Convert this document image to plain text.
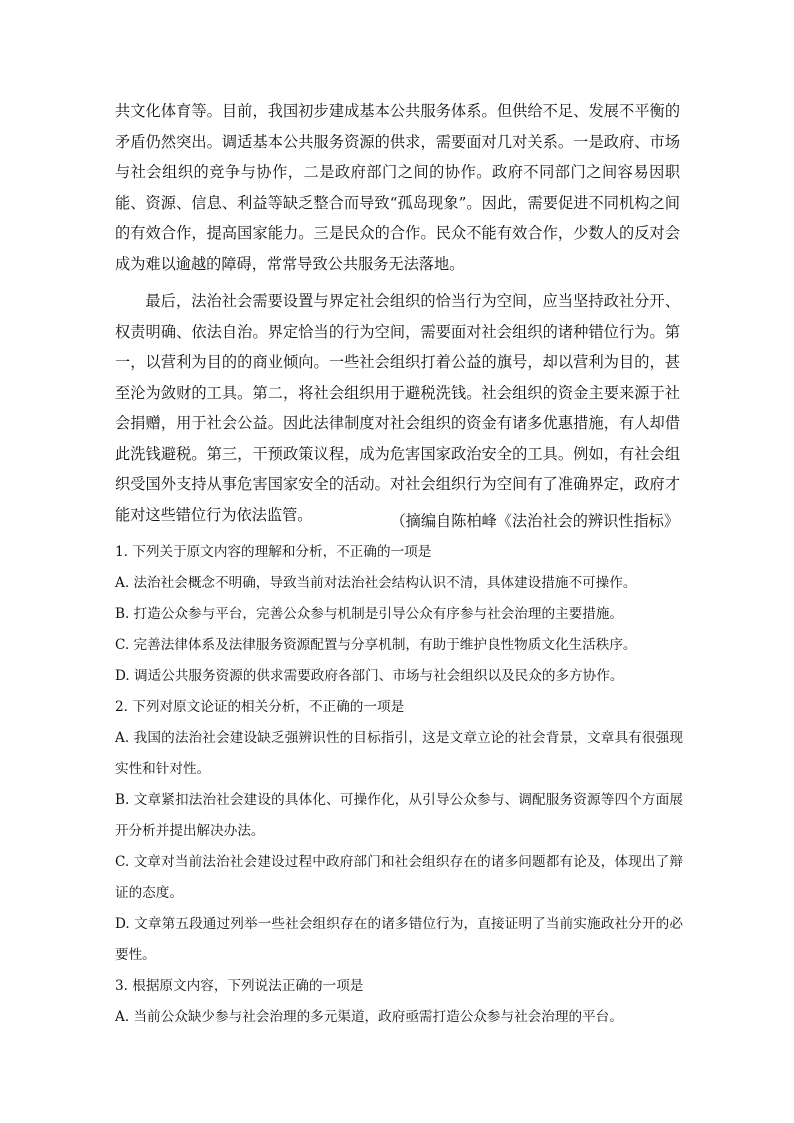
共文化体育等。目前，我国初步建成基本公共服务体系。但供给不足、发展不平衡的矛盾仍然突出。调适基本公共服务资源的供求，需要面对几对关系。一是政府、市场与社会组织的竞争与协作，二是政府部门之间的协作。政府不同部门之间容易因职能、资源、信息、利益等缺乏整合而导致“孤岛现象”。因此，需要促进不同机构之间的有效合作，提高国家能力。三是民众的合作。民众不能有效合作，少数人的反对会成为难以逾越的障碍，常常导致公共服务无法落地。

最后，法治社会需要设置与界定社会组织的恰当行为空间，应当坚持政社分开、权责明确、依法自治。界定恰当的行为空间，需要面对社会组织的诸种错位行为。第一，以营利为目的的商业倾向。一些社会组织打着公益的旗号，却以营利为目的，甚至沦为敛财的工具。第二，将社会组织用于避税洗钱。社会组织的资金主要来源于社会捐赠，用于社会公益。因此法律制度对社会组织的资金有诸多优惠措施，有人却借此洗钱避税。第三，干预政策议程，成为危害国家政治安全的工具。例如，有社会组织受国外支持从事危害国家安全的活动。对社会组织行为空间有了准确界定，政府才能对这些错位行为依法监管。	（摘编自陈柏峰《法治社会的辨识性指标》

1. 下列关于原文内容的理解和分析，不正确的一项是

A. 法治社会概念不明确，导致当前对法治社会结构认识不清，具体建设措施不可操作。

B. 打造公众参与平台，完善公众参与机制是引导公众有序参与社会治理的主要措施。

C. 完善法律体系及法律服务资源配置与分享机制，有助于维护良性物质文化生活秩序。

D. 调适公共服务资源的供求需要政府各部门、市场与社会组织以及民众的多方协作。

2. 下列对原文论证的相关分析，不正确的一项是

A. 我国的法治社会建设缺乏强辨识性的目标指引，这是文章立论的社会背景，文章具有很强现实性和针对性。

B. 文章紧扣法治社会建设的具体化、可操作化，从引导公众参与、调配服务资源等四个方面展开分析并提出解决办法。

C. 文章对当前法治社会建设过程中政府部门和社会组织存在的诸多问题都有论及，体现出了辩证的态度。

D. 文章第五段通过列举一些社会组织存在的诸多错位行为，直接证明了当前实施政社分开的必要性。

3. 根据原文内容，下列说法正确的一项是

A. 当前公众缺少参与社会治理的多元渠道，政府亟需打造公众参与社会治理的平台。
